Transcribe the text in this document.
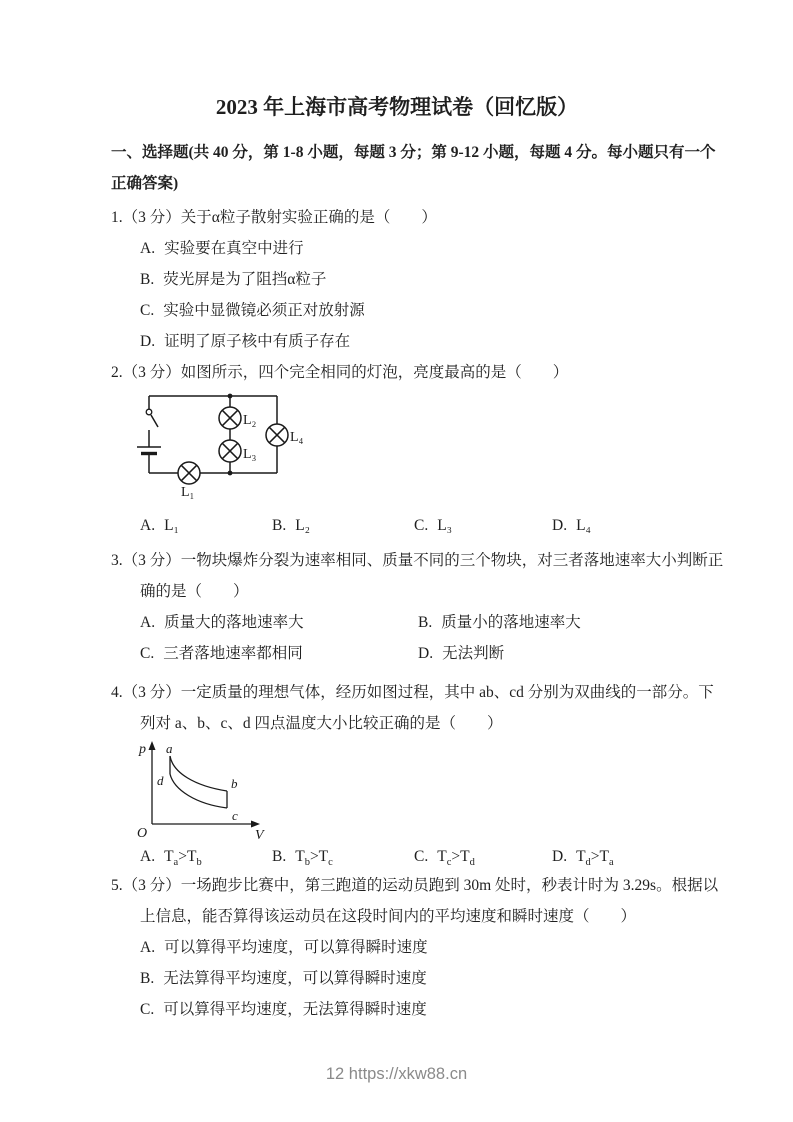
2023 年上海市高考物理试卷（回忆版）
一、选择题(共 40 分，第 1-8 小题，每题 3 分；第 9-12 小题，每题 4 分。每小题只有一个
正确答案)
1.（3 分）关于α粒子散射实验正确的是（　　）
A. 实验要在真空中进行
B. 荧光屏是为了阻挡α粒子
C. 实验中显微镜必须正对放射源
D. 证明了原子核中有质子存在
2.（3 分）如图所示，四个完全相同的灯泡，亮度最高的是（　　）
L₂
L₃
L₄
L₁
A. L₁	B. L₂	C. L₃	D. L₄
3.（3 分）一物块爆炸分裂为速率相同、质量不同的三个物块，对三者落地速率大小判断正
确的是（　　）
A. 质量大的落地速率大	B. 质量小的落地速率大
C. 三者落地速率都相同	D. 无法判断
4.（3 分）一定质量的理想气体，经历如图过程，其中 ab、cd 分别为双曲线的一部分。下
列对 a、b、c、d 四点温度大小比较正确的是（　　）
p
V
O
a
b
c
d
A. $T_a>T_b$	B. $T_b>T_c$	C. $T_c>T_d$	D. $T_d>T_a$
5.（3 分）一场跑步比赛中，第三跑道的运动员跑到 30m 处时，秒表计时为 3.29s。根据以
上信息，能否算得该运动员在这段时间内的平均速度和瞬时速度（　　）
A. 可以算得平均速度，可以算得瞬时速度
B. 无法算得平均速度，可以算得瞬时速度
C. 可以算得平均速度，无法算得瞬时速度
12 https://xkw88.cn
